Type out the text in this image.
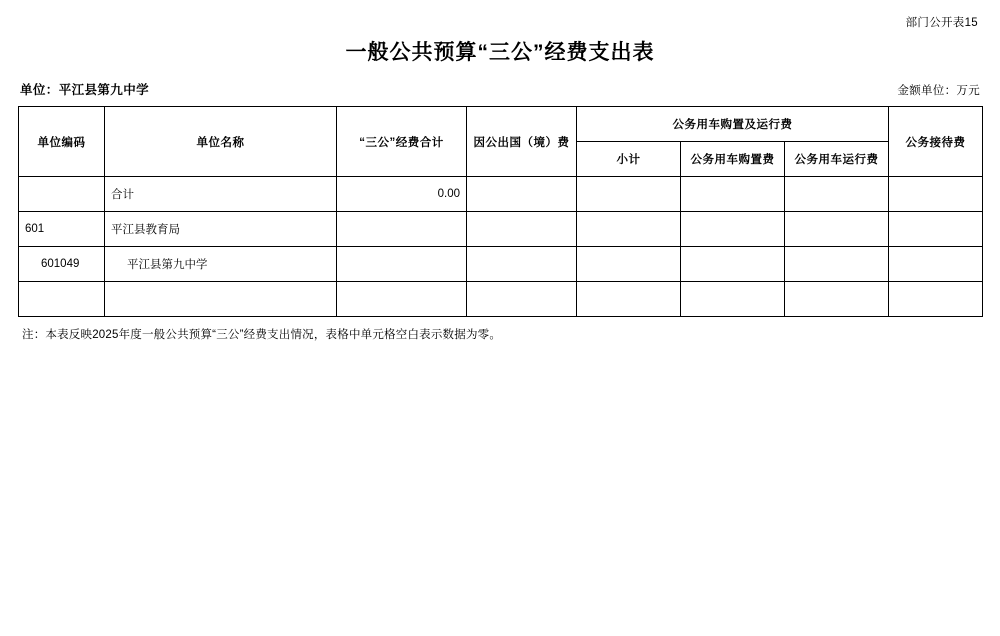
部门公开表15
一般公共预算“三公”经费支出表
单位：平江县第九中学	金额单位：万元
单位编码	单位名称	“三公”经费合计	因公出国（境）费	公务用车购置及运行费			公务接待费
				小计	公务用车购置费	公务用车运行费	
	合计	0.00					
601	平江县教育局						
601049	平江县第九中学						

注：本表反映2025年度一般公共预算“三公”经费支出情况，表格中单元格空白表示数据为零。
